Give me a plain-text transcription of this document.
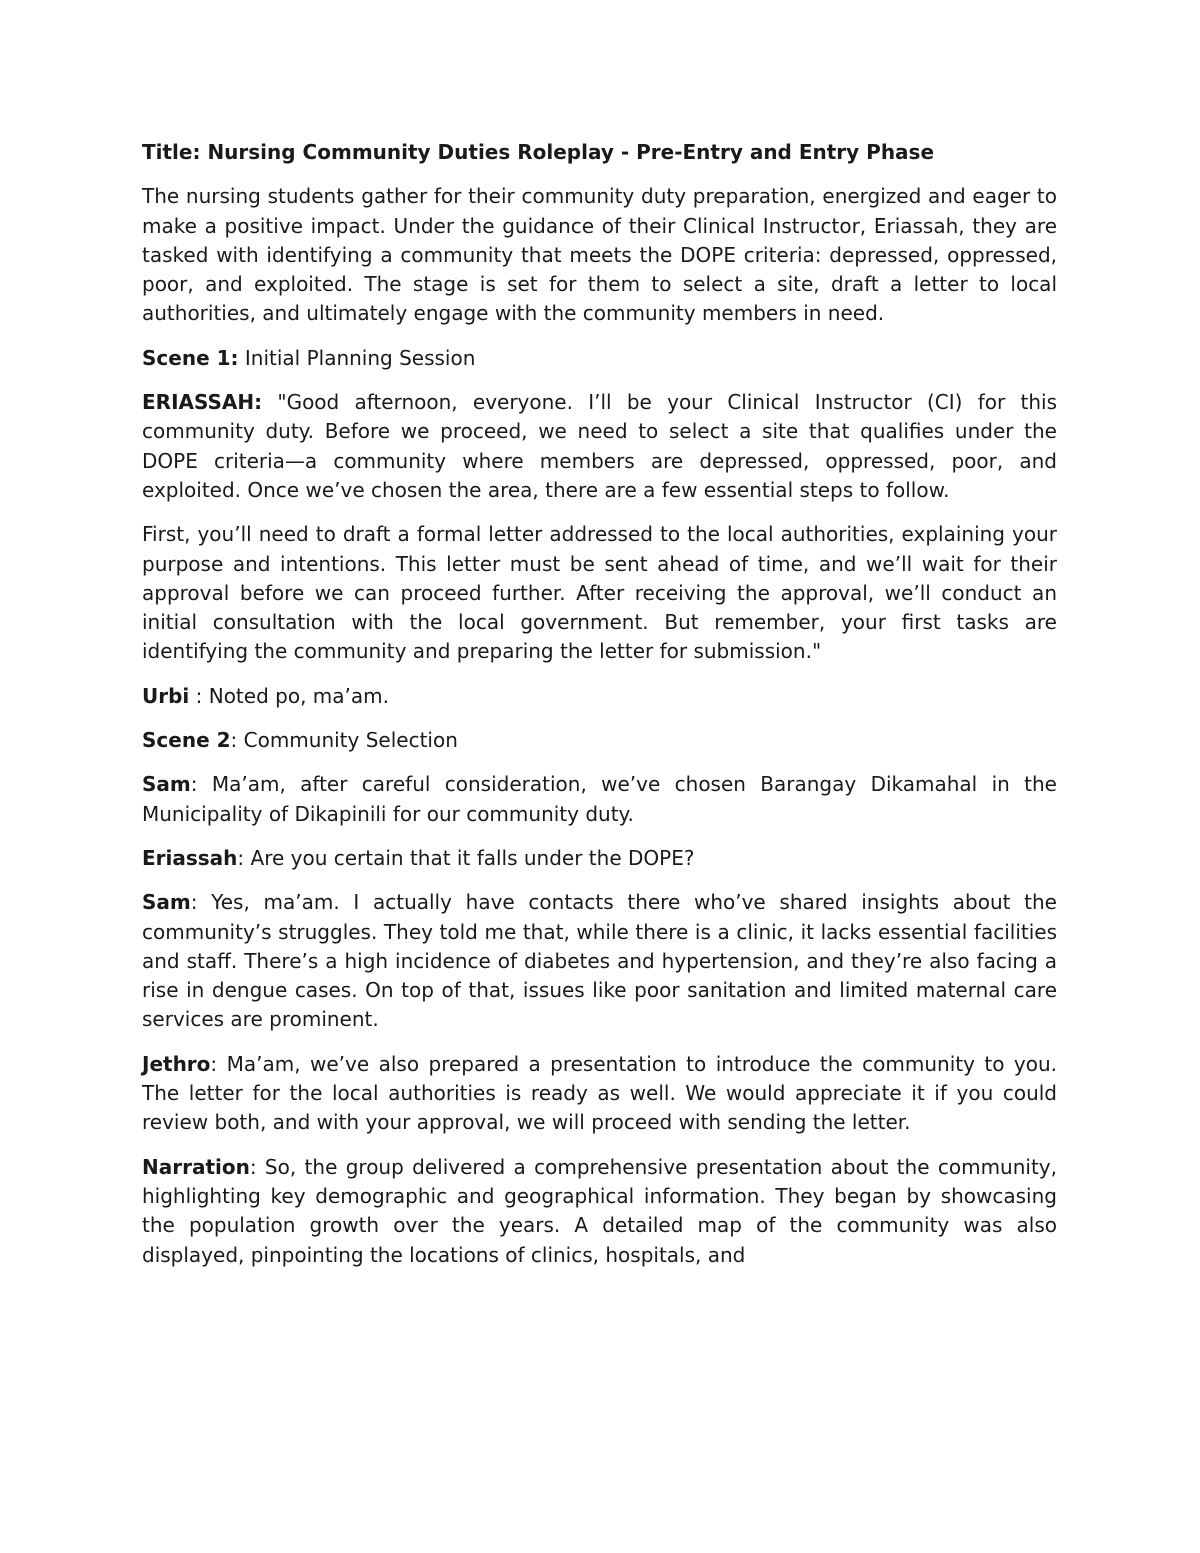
Title: Nursing Community Duties Roleplay - Pre-Entry and Entry Phase
The nursing students gather for their community duty preparation, energized and eager to make a positive impact. Under the guidance of their Clinical Instructor, Eriassah, they are tasked with identifying a community that meets the DOPE criteria: depressed, oppressed, poor, and exploited. The stage is set for them to select a site, draft a letter to local authorities, and ultimately engage with the community members in need.
Scene 1: Initial Planning Session
ERIASSAH: "Good afternoon, everyone. I’ll be your Clinical Instructor (CI) for this community duty. Before we proceed, we need to select a site that qualifies under the DOPE criteria—a community where members are depressed, oppressed, poor, and exploited. Once we’ve chosen the area, there are a few essential steps to follow.
First, you’ll need to draft a formal letter addressed to the local authorities, explaining your purpose and intentions. This letter must be sent ahead of time, and we’ll wait for their approval before we can proceed further. After receiving the approval, we’ll conduct an initial consultation with the local government. But remember, your first tasks are identifying the community and preparing the letter for submission."
Urbi : Noted po, ma’am.
Scene 2: Community Selection
Sam: Ma’am, after careful consideration, we’ve chosen Barangay Dikamahal in the Municipality of Dikapinili for our community duty.
Eriassah: Are you certain that it falls under the DOPE?
Sam: Yes, ma’am. I actually have contacts there who’ve shared insights about the community’s struggles. They told me that, while there is a clinic, it lacks essential facilities and staff. There’s a high incidence of diabetes and hypertension, and they’re also facing a rise in dengue cases. On top of that, issues like poor sanitation and limited maternal care services are prominent.
Jethro: Ma’am, we’ve also prepared a presentation to introduce the community to you. The letter for the local authorities is ready as well. We would appreciate it if you could review both, and with your approval, we will proceed with sending the letter.
Narration: So, the group delivered a comprehensive presentation about the community, highlighting key demographic and geographical information. They began by showcasing the population growth over the years. A detailed map of the community was also displayed, pinpointing the locations of clinics, hospitals, and
